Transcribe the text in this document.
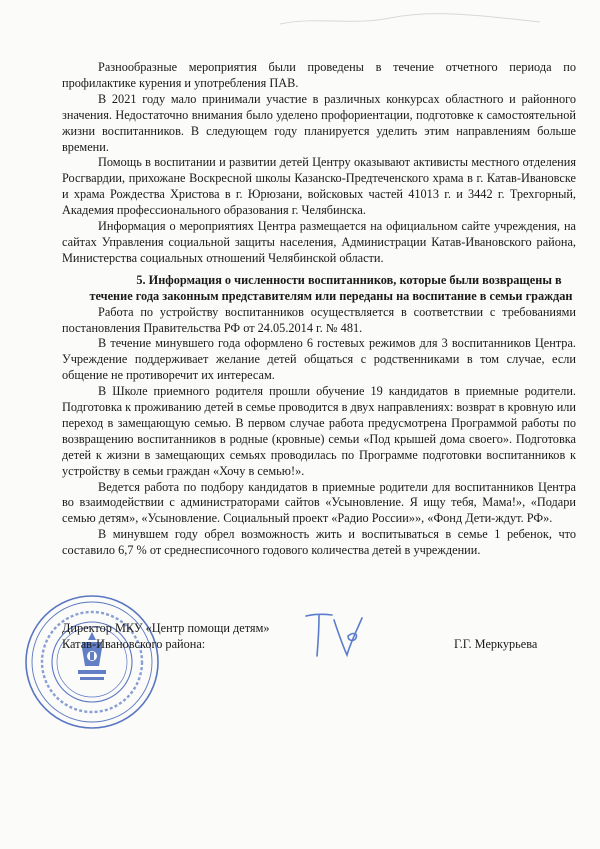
Разнообразные мероприятия были проведены в течение отчетного периода по профилактике курения и употребления ПАВ.

В 2021 году мало принимали участие в различных конкурсах областного и районного значения. Недостаточно внимания было уделено профориентации, подготовке к самостоятельной жизни воспитанников. В следующем году планируется уделить этим направлениям больше времени.

Помощь в воспитании и развитии детей Центру оказывают активисты местного отделения Росгвардии, прихожане Воскресной школы Казанско-Предтеченского храма в г. Катав-Ивановске и храма Рождества Христова в г. Юрюзани, войсковых частей 41013 г. и 3442 г. Трехгорный, Академия профессионального образования г. Челябинска.

Информация о мероприятиях Центра размещается на официальном сайте учреждения, на сайтах Управления социальной защиты населения, Администрации Катав-Ивановского района, Министерства социальных отношений Челябинской области.

5. Информация о численности воспитанников, которые были возвращены в течение года законным представителям или переданы на воспитание в семьи граждан

Работа по устройству воспитанников осуществляется в соответствии с требованиями постановления Правительства РФ от 24.05.2014 г. № 481.

В течение минувшего года оформлено 6 гостевых режимов для 3 воспитанников Центра. Учреждение поддерживает желание детей общаться с родственниками в том случае, если общение не противоречит их интересам.

В Школе приемного родителя прошли обучение 19 кандидатов в приемные родители. Подготовка к проживанию детей в семье проводится в двух направлениях: возврат в кровную или переход в замещающую семью. В первом случае работа предусмотрена Программой работы по возвращению воспитанников в родные (кровные) семьи «Под крышей дома своего». Подготовка детей к жизни в замещающих семьях проводилась по Программе подготовки воспитанников к устройству в семьи граждан «Хочу в семью!».

Ведется работа по подбору кандидатов в приемные родители для воспитанников Центра во взаимодействии с администраторами сайтов «Усыновление. Я ищу тебя, Мама!», «Подари семью детям», «Усыновление. Социальный проект «Радио России»», «Фонд Дети-ждут. РФ».

В минувшем году обрел возможность жить и воспитываться в семье 1 ребенок, что составило 6,7 % от среднесписочного годового количества детей в учреждении.

Директор МКУ «Центр помощи детям»
Катав-Ивановского района:	Г.Г. Меркурьева
